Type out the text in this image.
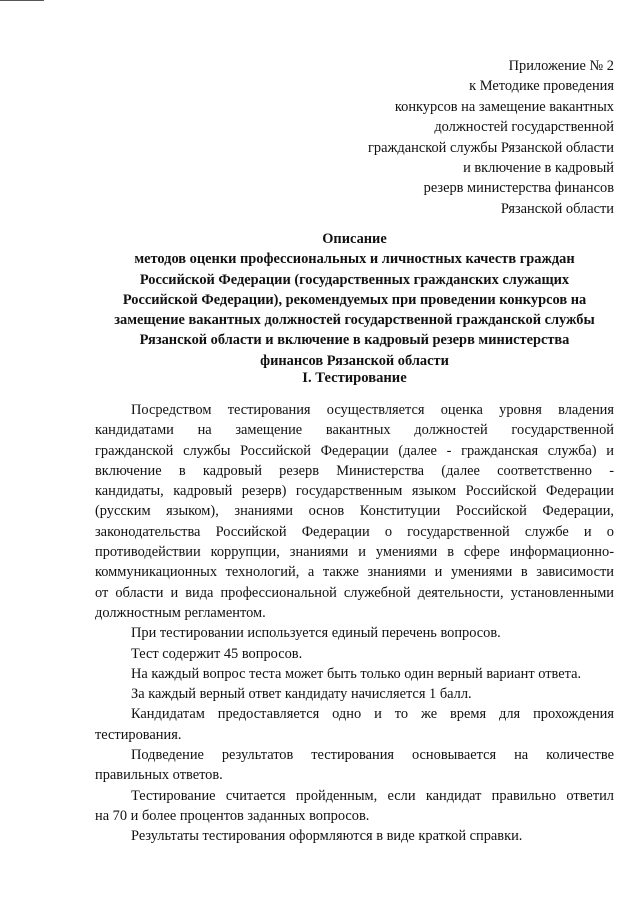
Приложение № 2
к Методике проведения
конкурсов на замещение вакантных
должностей государственной
гражданской службы Рязанской области
и включение в кадровый
резерв министерства финансов
Рязанской области
Описание
методов оценки профессиональных и личностных качеств граждан
Российской Федерации (государственных гражданских служащих
Российской Федерации), рекомендуемых при проведении конкурсов на
замещение вакантных должностей государственной гражданской службы
Рязанской области и включение в кадровый резерв министерства
финансов Рязанской области
I. Тестирование
Посредством тестирования осуществляется оценка уровня владения
кандидатами на замещение вакантных должностей государственной
гражданской службы Российской Федерации (далее - гражданская служба) и
включение в кадровый резерв Министерства (далее соответственно -
кандидаты, кадровый резерв) государственным языком Российской Федерации
(русским языком), знаниями основ Конституции Российской Федерации,
законодательства Российской Федерации о государственной службе и о
противодействии коррупции, знаниями и умениями в сфере информационно-
коммуникационных технологий, а также знаниями и умениями в зависимости
от области и вида профессиональной служебной деятельности, установленными
должностным регламентом.
При тестировании используется единый перечень вопросов.
Тест содержит 45 вопросов.
На каждый вопрос теста может быть только один верный вариант ответа.
За каждый верный ответ кандидату начисляется 1 балл.
Кандидатам предоставляется одно и то же время для прохождения
тестирования.
Подведение результатов тестирования основывается на количестве
правильных ответов.
Тестирование считается пройденным, если кандидат правильно ответил
на 70 и более процентов заданных вопросов.
Результаты тестирования оформляются в виде краткой справки.
